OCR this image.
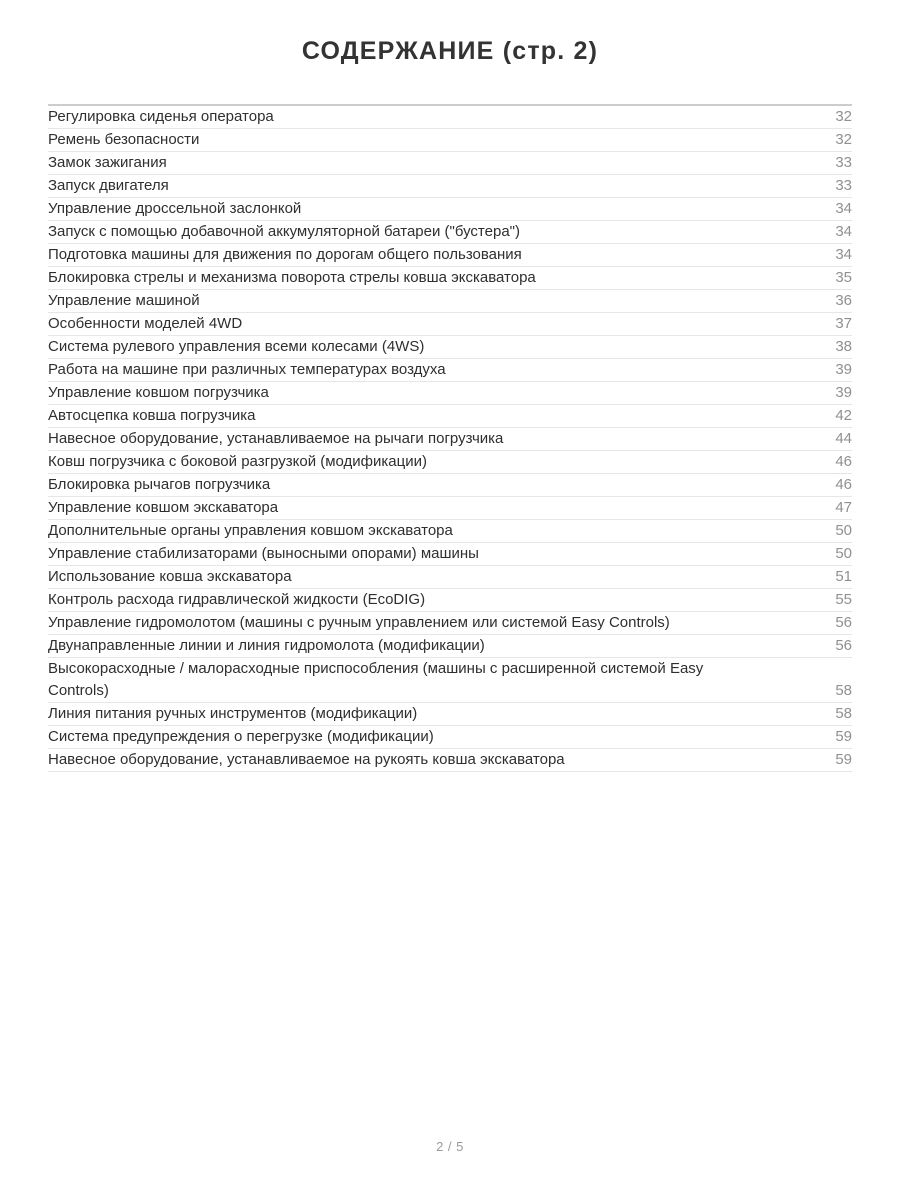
СОДЕРЖАНИЕ (стр. 2)
Регулировка сиденья оператора	32
Ремень безопасности	32
Замок зажигания	33
Запуск двигателя	33
Управление дроссельной заслонкой	34
Запуск с помощью добавочной аккумуляторной батареи ("бустера")	34
Подготовка машины для движения по дорогам общего пользования	34
Блокировка стрелы и механизма поворота стрелы ковша экскаватора	35
Управление машиной	36
Особенности моделей 4WD	37
Система рулевого управления всеми колесами (4WS)	38
Работа на машине при различных температурах воздуха	39
Управление ковшом погрузчика	39
Автосцепка ковша погрузчика	42
Навесное оборудование, устанавливаемое на рычаги погрузчика	44
Ковш погрузчика с боковой разгрузкой (модификации)	46
Блокировка рычагов погрузчика	46
Управление ковшом экскаватора	47
Дополнительные органы управления ковшом экскаватора	50
Управление стабилизаторами (выносными опорами) машины	50
Использование ковша экскаватора	51
Контроль расхода гидравлической жидкости (EcoDIG)	55
Управление гидромолотом (машины с ручным управлением или системой Easy Controls)	56
Двунаправленные линии и линия гидромолота (модификации)	56
Высокорасходные / малорасходные приспособления (машины с расширенной системой Easy Controls)	58
Линия питания ручных инструментов (модификации)	58
Система предупреждения о перегрузке (модификации)	59
Навесное оборудование, устанавливаемое на рукоять ковша экскаватора	59
2 / 5
